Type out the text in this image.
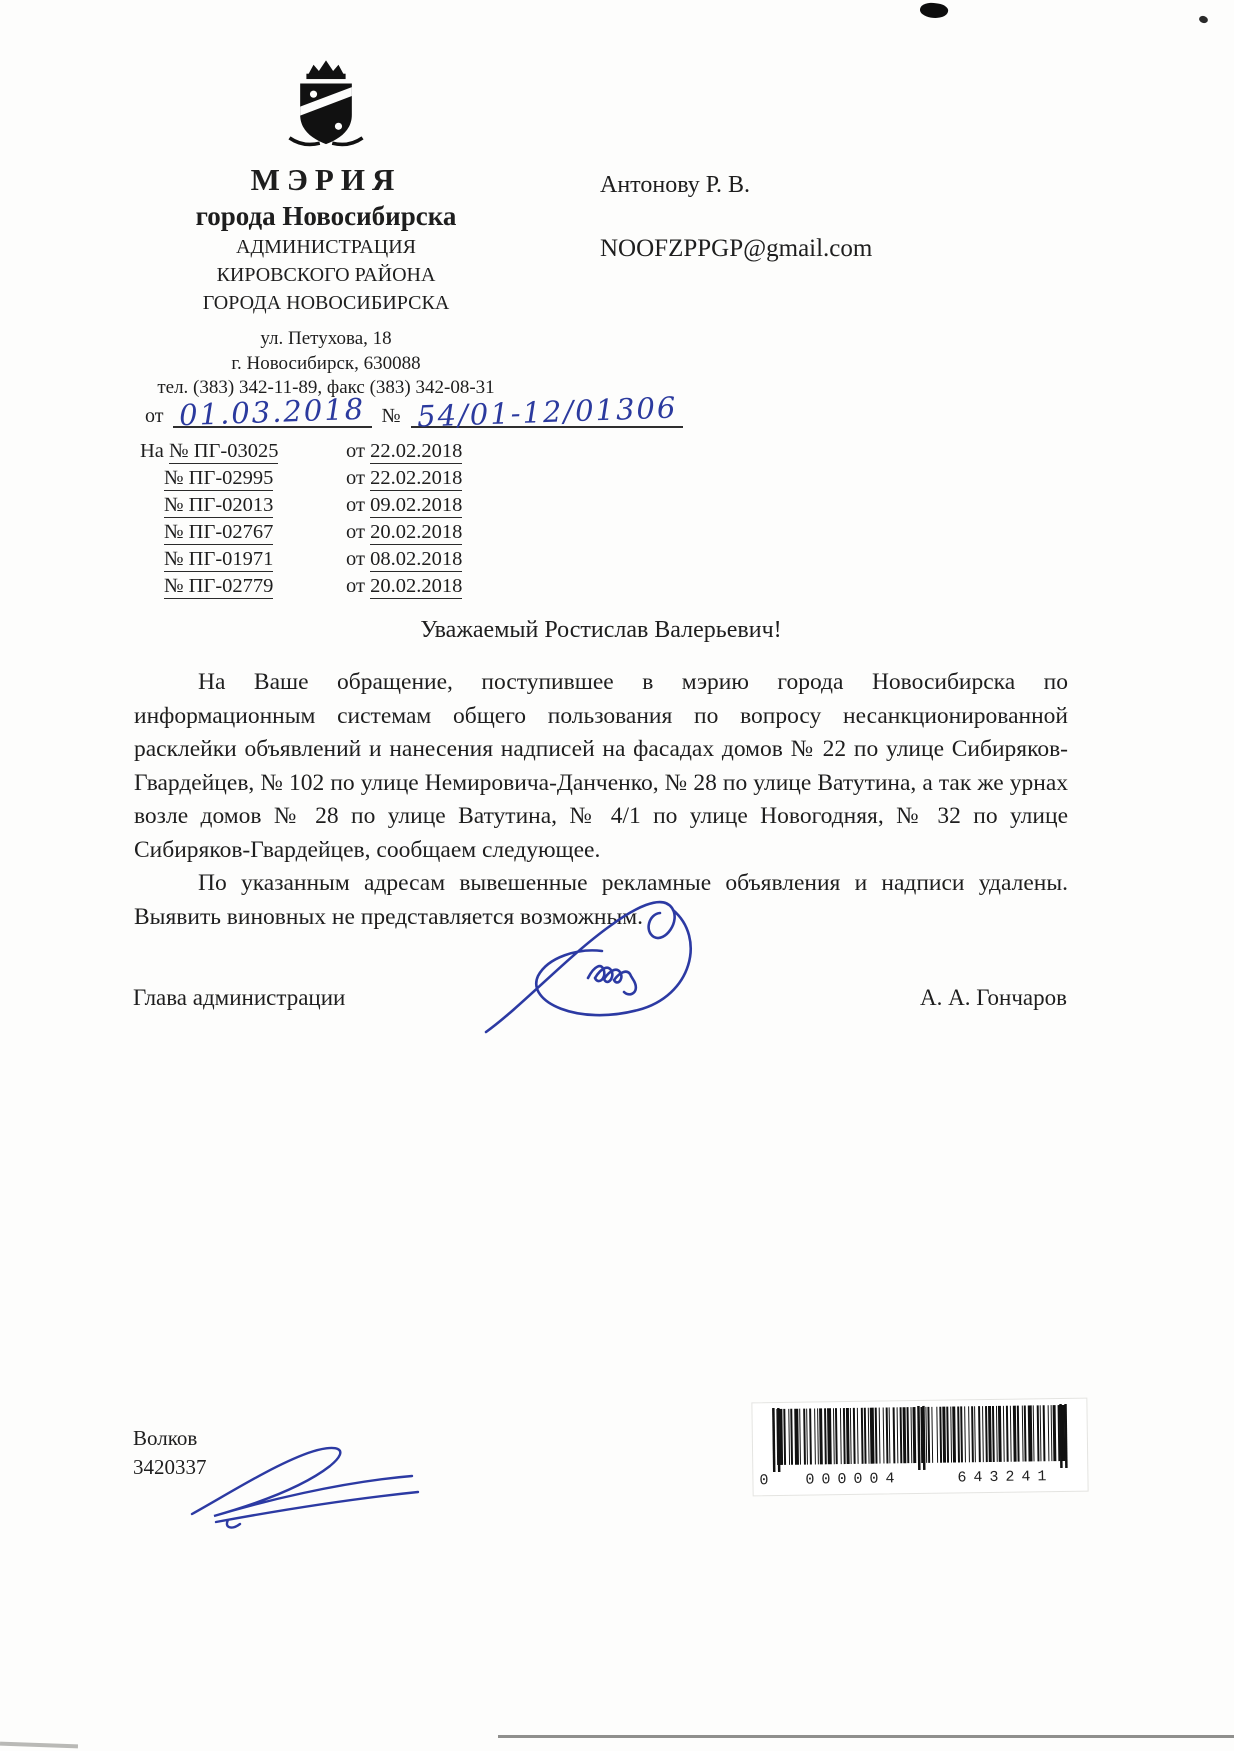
МЭРИЯ
города Новосибирска
АДМИНИСТРАЦИЯ
КИРОВСКОГО РАЙОНА
ГОРОДА НОВОСИБИРСКА
ул. Петухова, 18
г. Новосибирск, 630088
тел. (383) 342-11-89, факс (383) 342-08-31
от 01.03.2018 № 54/01-12/01306
Антонову Р. В.
NOOFZPPGP@gmail.com
На № ПГ-03025	от 22.02.2018
№ ПГ-02995	от 22.02.2018
№ ПГ-02013	от 09.02.2018
№ ПГ-02767	от 20.02.2018
№ ПГ-01971	от 08.02.2018
№ ПГ-02779	от 20.02.2018
Уважаемый Ростислав Валерьевич!

На Ваше обращение, поступившее в мэрию города Новосибирска по информационным системам общего пользования по вопросу несанкционированной расклейки объявлений и нанесения надписей на фасадах домов № 22 по улице Сибиряков-Гвардейцев, № 102 по улице Немировича-Данченко, № 28 по улице Ватутина, а так же урнах возле домов № 28 по улице Ватутина, № 4/1 по улице Новогодняя, № 32 по улице Сибиряков-Гвардейцев, сообщаем следующее.

По указанным адресам вывешенные рекламные объявления и надписи удалены. Выявить виновных не представляется возможным.

Глава администрации	А. А. Гончаров
Волков
3420337
0	000004	643241
